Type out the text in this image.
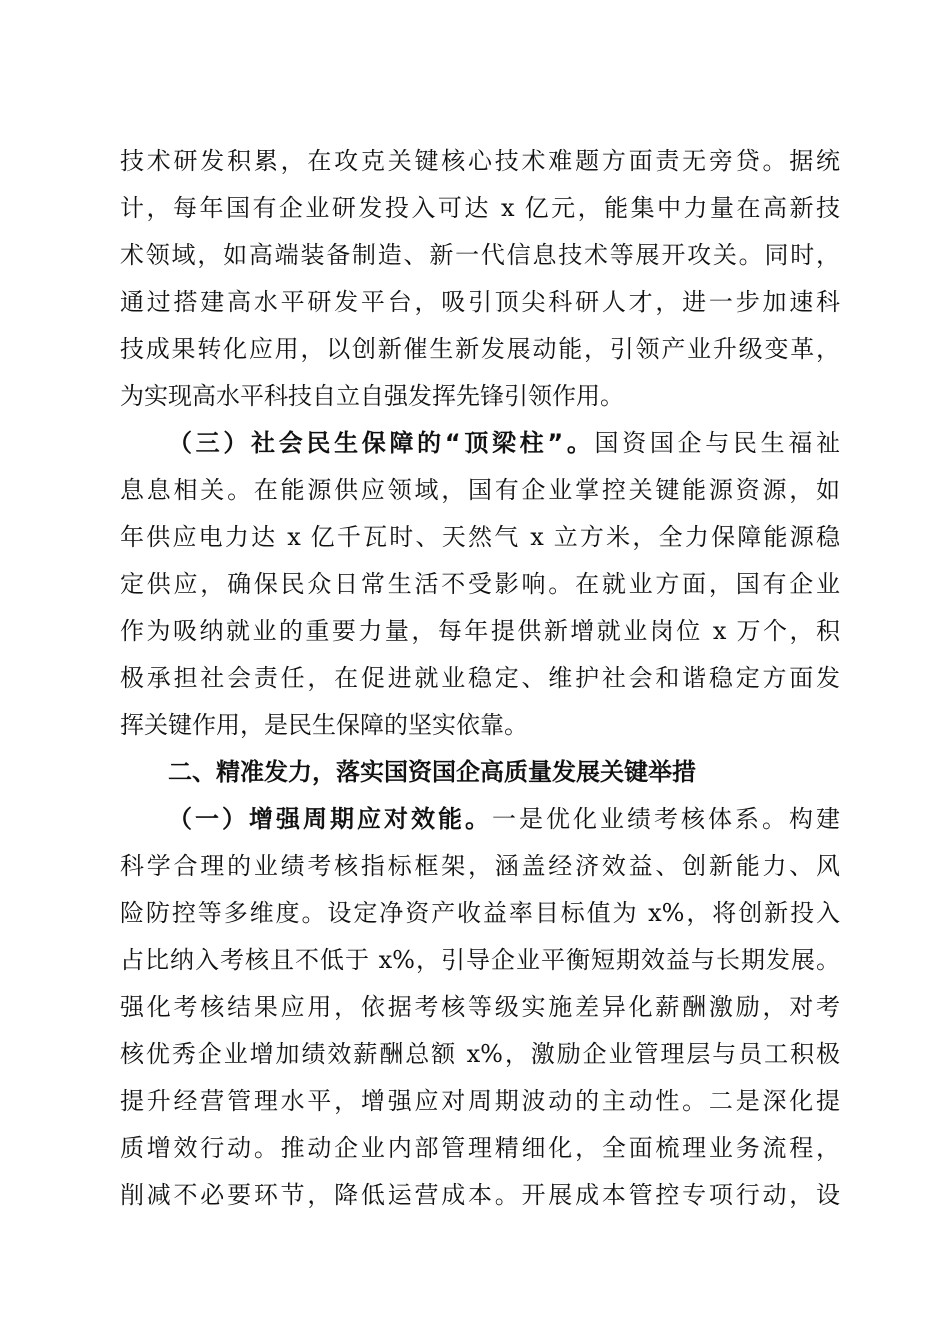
技术研发积累，在攻克关键核心技术难题方面责无旁贷。据统
计，每年国有企业研发投入可达 x 亿元，能集中力量在高新技
术领域，如高端装备制造、新一代信息技术等展开攻关。同时，
通过搭建高水平研发平台，吸引顶尖科研人才，进一步加速科
技成果转化应用，以创新催生新发展动能，引领产业升级变革，
为实现高水平科技自立自强发挥先锋引领作用。
（三）社会民生保障的“顶梁柱”。国资国企与民生福祉
息息相关。在能源供应领域，国有企业掌控关键能源资源，如
年供应电力达 x 亿千瓦时、天然气 x 立方米，全力保障能源稳
定供应，确保民众日常生活不受影响。在就业方面，国有企业
作为吸纳就业的重要力量，每年提供新增就业岗位 x 万个，积
极承担社会责任，在促进就业稳定、维护社会和谐稳定方面发
挥关键作用，是民生保障的坚实依靠。
二、精准发力，落实国资国企高质量发展关键举措
（一）增强周期应对效能。一是优化业绩考核体系。构建
科学合理的业绩考核指标框架，涵盖经济效益、创新能力、风
险防控等多维度。设定净资产收益率目标值为 x%，将创新投入
占比纳入考核且不低于 x%，引导企业平衡短期效益与长期发展。
强化考核结果应用，依据考核等级实施差异化薪酬激励，对考
核优秀企业增加绩效薪酬总额 x%，激励企业管理层与员工积极
提升经营管理水平，增强应对周期波动的主动性。二是深化提
质增效行动。推动企业内部管理精细化，全面梳理业务流程，
削减不必要环节，降低运营成本。开展成本管控专项行动，设
